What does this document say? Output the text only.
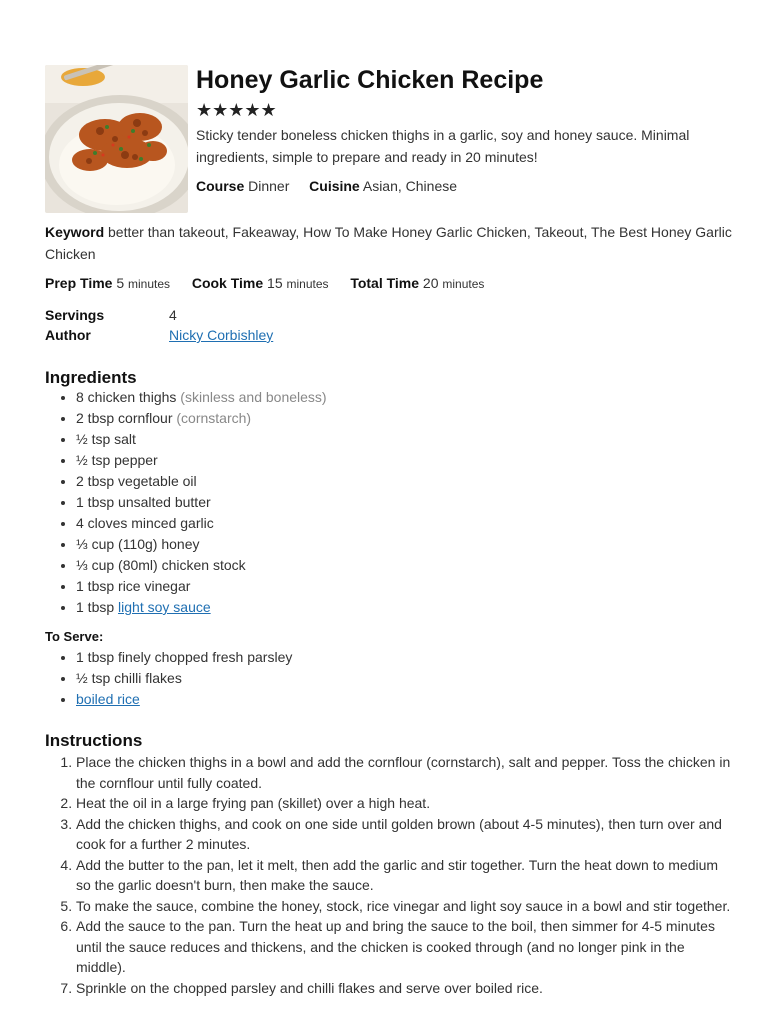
Honey Garlic Chicken Recipe
★★★★★
Sticky tender boneless chicken thighs in a garlic, soy and honey sauce. Minimal ingredients, simple to prepare and ready in 20 minutes!
Course Dinner Cuisine Asian, Chinese
Keyword better than takeout, Fakeaway, How To Make Honey Garlic Chicken, Takeout, The Best Honey Garlic Chicken
Prep Time 5 minutes Cook Time 15 minutes Total Time 20 minutes
Servings	4
Author	Nicky Corbishley
Ingredients
• 8 chicken thighs (skinless and boneless)
• 2 tbsp cornflour (cornstarch)
• ½ tsp salt
• ½ tsp pepper
• 2 tbsp vegetable oil
• 1 tbsp unsalted butter
• 4 cloves minced garlic
• ⅓ cup (110g) honey
• ⅓ cup (80ml) chicken stock
• 1 tbsp rice vinegar
• 1 tbsp light soy sauce
To Serve:
• 1 tbsp finely chopped fresh parsley
• ½ tsp chilli flakes
• boiled rice
Instructions
1. Place the chicken thighs in a bowl and add the cornflour (cornstarch), salt and pepper. Toss the chicken in the cornflour until fully coated.
2. Heat the oil in a large frying pan (skillet) over a high heat.
3. Add the chicken thighs, and cook on one side until golden brown (about 4-5 minutes), then turn over and cook for a further 2 minutes.
4. Add the butter to the pan, let it melt, then add the garlic and stir together. Turn the heat down to medium so the garlic doesn't burn, then make the sauce.
5. To make the sauce, combine the honey, stock, rice vinegar and light soy sauce in a bowl and stir together.
6. Add the sauce to the pan. Turn the heat up and bring the sauce to the boil, then simmer for 4-5 minutes until the sauce reduces and thickens, and the chicken is cooked through (and no longer pink in the middle).
7. Sprinkle on the chopped parsley and chilli flakes and serve over boiled rice.
